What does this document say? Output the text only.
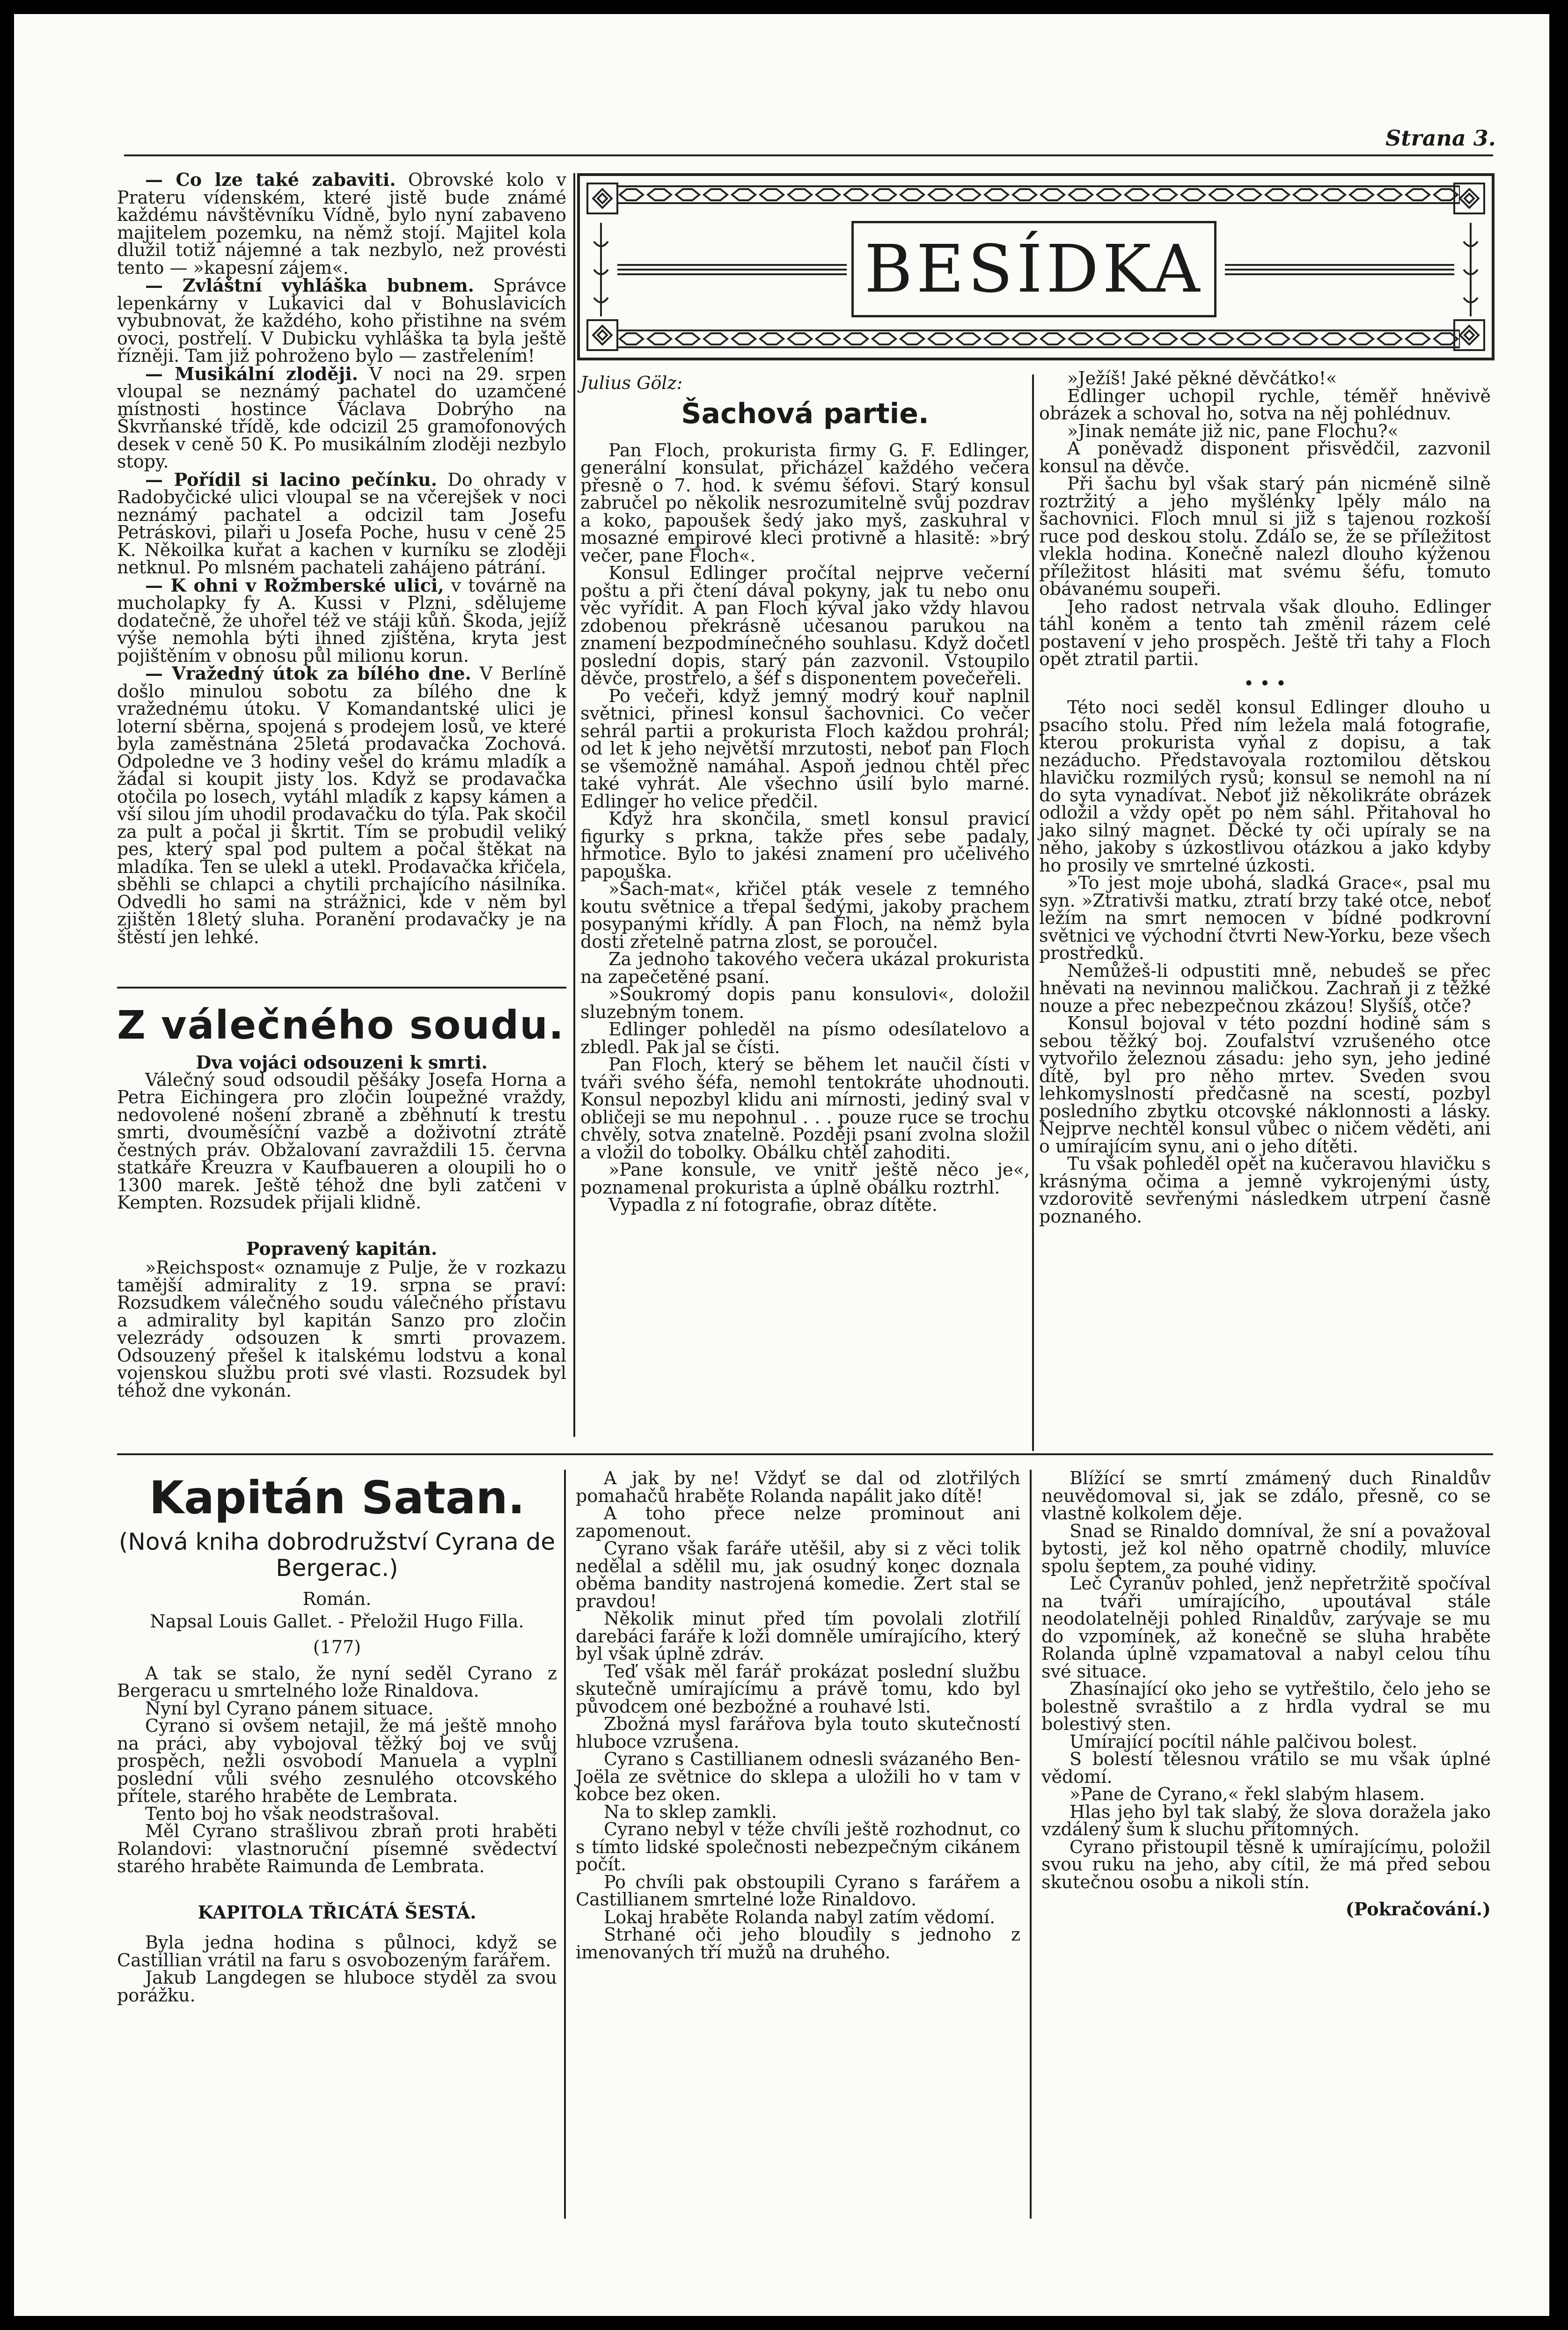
Strana 3.

— Co lze také zabaviti. Obrovské kolo v Prateru vídenském, které jistě bude známé každému návštěvníku Vídně, bylo nyní zabaveno majitelem pozemku, na němž stojí. Majitel kola dlužil totiž nájemné a tak nezbylo, než provésti tento — »kapesní zájem«.

— Zvláštní vyhláška bubnem. Správce lepenkárny v Lukavici dal v Bohuslavicích vybubnovat, že každého, koho přistihne na svém ovoci, postřelí. V Dubicku vyhláška ta byla ještě řízněji. Tam již pohroženo bylo — zastřelením!

— Musikální zloději. V noci na 29. srpen vloupal se neznámý pachatel do uzamčené místnosti hostince Václava Dobrýho na Škvrňanské třídě, kde odcizil 25 gramofonových desek v ceně 50 K. Po musikálním zloději nezbylo stopy.

— Pořídil si lacino pečínku. Do ohrady v Radobyčické ulici vloupal se na včerejšek v noci neznámý pachatel a odcizil tam Josefu Petráskovi, pilaři u Josefa Poche, husu v ceně 25 K. Někoilka kuřat a kachen v kurníku se zloději netknul. Po mlsném pachateli zahájeno pátrání.

— K ohni v Rožmberské ulici, v továrně na mucholapky fy A. Kussi v Plzni, sdělujeme dodatečně, že uhořel též ve stáji kůň. Škoda, jejíž výše nemohla býti ihned zjištěna, kryta jest pojištěním v obnosu půl milionu korun.

— Vražedný útok za bílého dne. V Berlíně došlo minulou sobotu za bílého dne k vražednému útoku. V Komandantské ulici je loterní sběrna, spojená s prodejem losů, ve které byla zaměstnána 25letá prodavačka Zochová. Odpoledne ve 3 hodiny vešel do krámu mladík a žádal si koupit jisty los. Když se prodavačka otočila po losech, vytáhl mladík z kapsy kámen a vší silou jím uhodil prodavačku do týla. Pak skočil za pult a počal ji škrtit. Tím se probudil veliký pes, který spal pod pultem a počal štěkat na mladíka. Ten se ulekl a utekl. Prodavačka křičela, sběhli se chlapci a chytili prchajícího násilníka. Odvedli ho sami na strážnici, kde v něm byl zjištěn 18letý sluha. Poranění prodavačky je na štěstí jen lehké.

Z válečného soudu.
Dva vojáci odsouzeni k smrti.

Válečný soud odsoudil pěšáky Josefa Horna a Petra Eichingera pro zločin loupežné vraždy, nedovolené nošení zbraně a zběhnutí k trestu smrti, dvouměsíční vazbě a doživotní ztrátě čestných práv. Obžalovaní zavraždili 15. června statkáře Kreuzra v Kaufbaueren a oloupili ho o 1300 marek. Ještě téhož dne byli zatčeni v Kempten. Rozsudek přijali klidně.

Popravený kapitán.

»Reichspost« oznamuje z Pulje, že v rozkazu tamější admirality z 19. srpna se praví: Rozsudkem válečného soudu válečného přístavu a admirality byl kapitán Sanzo pro zločin velezrády odsouzen k smrti provazem. Odsouzený přešel k italskému lodstvu a konal vojenskou službu proti své vlasti. Rozsudek byl téhož dne vykonán.

BESÍDKA
Julius Gölz:
Šachová partie.

Pan Floch, prokurista firmy G. F. Edlinger, generální konsulat, přicházel každého večera přesně o 7. hod. k svému šéfovi. Starý konsul zabručel po několik nesrozumitelně svůj pozdrav a koko, papoušek šedý jako myš, zaskuhral v mosazné empirové kleci protivně a hlasitě: »brý večer, pane Floch«.

Konsul Edlinger pročítal nejprve večerní poštu a při čtení dával pokyny, jak tu nebo onu věc vyřídit. A pan Floch kýval jako vždy hlavou zdobenou překrásně učesanou parukou na znamení bezpodmínečného souhlasu. Když dočetl poslední dopis, starý pán zazvonil. Vstoupilo děvče, prostřelo, a šéf s disponentem povečeřeli.

Po večeři, když jemný modrý kouř naplnil světnici, přinesl konsul šachovnici. Co večer sehrál partii a prokurista Floch každou prohrál; od let k jeho největší mrzutosti, neboť pan Floch se všemožně namáhal. Aspoň jednou chtěl přec také vyhrát. Ale všechno úsilí bylo marné. Edlinger ho velice předčil.

Když hra skončila, smetl konsul pravicí figurky s prkna, takže přes sebe padaly, hřmotice. Bylo to jakési znamení pro učelivého papouška.

»Šach-mat«, křičel pták vesele z temného koutu světnice a třepal šedými, jakoby prachem posypanými křídly. A pan Floch, na němž byla dosti zřetelně patrna zlost, se poroučel.

Za jednoho takového večera ukázal prokurista na zapečetěné psaní.

»Soukromý dopis panu konsulovi«, doložil sluzebným tonem.

Edlinger pohleděl na písmo odesílatelovo a zbledl. Pak jal se čísti.

Pan Floch, který se během let naučil čísti v tváři svého šéfa, nemohl tentokráte uhodnouti. Konsul nepozbyl klidu ani mírnosti, jediný sval v obličeji se mu nepohnul . . . pouze ruce se trochu chvěly, sotva znatelně. Později psaní zvolna složil a vložil do tobolky. Obálku chtěl zahoditi.

»Pane konsule, ve vnitř ještě něco je«, poznamenal prokurista a úplně obálku roztrhl.

Vypadla z ní fotografie, obraz dítěte.

»Ježíš! Jaké pěkné děvčátko!«

Edlinger uchopil rychle, téměř hněvivě obrázek a schoval ho, sotva na něj pohlédnuv.

»Jinak nemáte již nic, pane Flochu?«

A poněvadž disponent přisvědčil, zazvonil konsul na děvče.

Při šachu byl však starý pán nicméně silně roztržitý a jeho myšlénky lpěly málo na šachovnici. Floch mnul si již s tajenou rozkoší ruce pod deskou stolu. Zdálo se, že se příležitost vlekla hodina. Konečně nalezl dlouho kýženou příležitost hlásiti mat svému šéfu, tomuto obávanému soupeři.

Jeho radost netrvala však dlouho. Edlinger táhl koněm a tento tah změnil rázem celé postavení v jeho prospěch. Ještě tři tahy a Floch opět ztratil partii.

• • •

Této noci seděl konsul Edlinger dlouho u psacího stolu. Před ním ležela malá fotografie, kterou prokurista vyňal z dopisu, a tak nezáducho. Představovala roztomilou dětskou hlavičku rozmilých rysů; konsul se nemohl na ní do syta vynadívat. Neboť již několikráte obrázek odložil a vždy opět po něm sáhl. Přitahoval ho jako silný magnet. Děcké ty oči upíraly se na něho, jakoby s úzkostlivou otázkou a jako kdyby ho prosily ve smrtelné úzkosti.

»To jest moje ubohá, sladká Grace«, psal mu syn. »Ztrativši matku, ztratí brzy také otce, neboť ležím na smrt nemocen v bídné podkrovní světnici ve východní čtvrti New-Yorku, beze všech prostředků.

Nemůžeš-li odpustiti mně, nebudeš se přec hněvati na nevinnou maličkou. Zachraň ji z těžké nouze a přec nebezpečnou zkázou! Slyšíš, otče?

Konsul bojoval v této pozdní hodině sám s sebou těžký boj. Zoufalství vzrušeného otce vytvořilo železnou zásadu: jeho syn, jeho jediné dítě, byl pro něho mrtev. Sveden svou lehkomyslností předčasně na scestí, pozbyl posledního zbytku otcovské náklonnosti a lásky. Nejprve nechtěl konsul vůbec o ničem věděti, ani o umírajícím synu, ani o jeho dítěti.

Tu však pohleděl opět na kučeravou hlavičku s krásnýma očima a jemně vykrojenými ústy, vzdorovitě sevřenými následkem utrpení časně poznaného.

Kapitán Satan.
(Nová kniha dobrodružství Cyrana de Bergerac.)
Román.
Napsal Louis Gallet. - Přeložil Hugo Filla.
(177)

A tak se stalo, že nyní seděl Cyrano z Bergeracu u smrtelného lože Rinaldova.

Nyní byl Cyrano pánem situace.

Cyrano si ovšem netajil, že má ještě mnoho na práci, aby vybojoval těžký boj ve svůj prospěch, nežli osvobodí Manuela a vyplní poslední vůli svého zesnulého otcovského přítele, starého hraběte de Lembrata.

Tento boj ho však neodstrašoval.

Měl Cyrano strašlivou zbraň proti hraběti Rolandovi: vlastnoruční písemné svědectví starého hraběte Raimunda de Lembrata.

KAPITOLA TŘICÁTÁ ŠESTÁ.

Byla jedna hodina s půlnoci, když se Castillian vrátil na faru s osvobozeným farářem.

Jakub Langdegen se hluboce styděl za svou porážku.

A jak by ne! Vždyť se dal od zlotřilých pomahačů hraběte Rolanda napálit jako dítě!

A toho přece nelze prominout ani zapomenout.

Cyrano však faráře utěšil, aby si z věci tolik nedělal a sdělil mu, jak osudný konec doznala oběma bandity nastrojená komedie. Žert stal se pravdou!

Několik minut před tím povolali zlotřilí darebáci faráře k loži domněle umírajícího, který byl však úplně zdráv.

Teď však měl farář prokázat poslední službu skutečně umírajícímu a právě tomu, kdo byl původcem oné bezbožné a rouhavé lsti.

Zbožná mysl farářova byla touto skutečností hluboce vzrušena.

Cyrano s Castillianem odnesli svázaného Ben-Joëla ze světnice do sklepa a uložili ho v tam v kobce bez oken.

Na to sklep zamkli.

Cyrano nebyl v téže chvíli ještě rozhodnut, co s tímto lidské společnosti nebezpečným cikánem počít.

Po chvíli pak obstoupili Cyrano s farářem a Castillianem smrtelné lože Rinaldovo.

Lokaj hraběte Rolanda nabyl zatím vědomí.

Strhané oči jeho bloudily s jednoho z imenovaných tří mužů na druhého.

Blížící se smrtí zmámený duch Rinaldův neuvědomoval si, jak se zdálo, přesně, co se vlastně kolkolem děje.

Snad se Rinaldo domníval, že sní a považoval bytosti, jež kol něho opatrně chodily, mluvíce spolu šeptem, za pouhé vidiny.

Leč Cyranův pohled, jenž nepřetržitě spočíval na tváři umírajícího, upoutával stále neodolatelněji pohled Rinaldův, zarývaje se mu do vzpomínek, až konečně se sluha hraběte Rolanda úplně vzpamatoval a nabyl celou tíhu své situace.

Zhasínající oko jeho se vytřeštilo, čelo jeho se bolestně svraštilo a z hrdla vydral se mu bolestivý sten.

Umírající pocítil náhle palčivou bolest.

S bolestí tělesnou vrátilo se mu však úplné vědomí.

»Pane de Cyrano,« řekl slabým hlasem.

Hlas jeho byl tak slabý, že slova doražela jako vzdálený šum k sluchu přítomných.

Cyrano přistoupil těsně k umírajícímu, položil svou ruku na jeho, aby cítil, že má před sebou skutečnou osobu a nikoli stín.

(Pokračování.)
